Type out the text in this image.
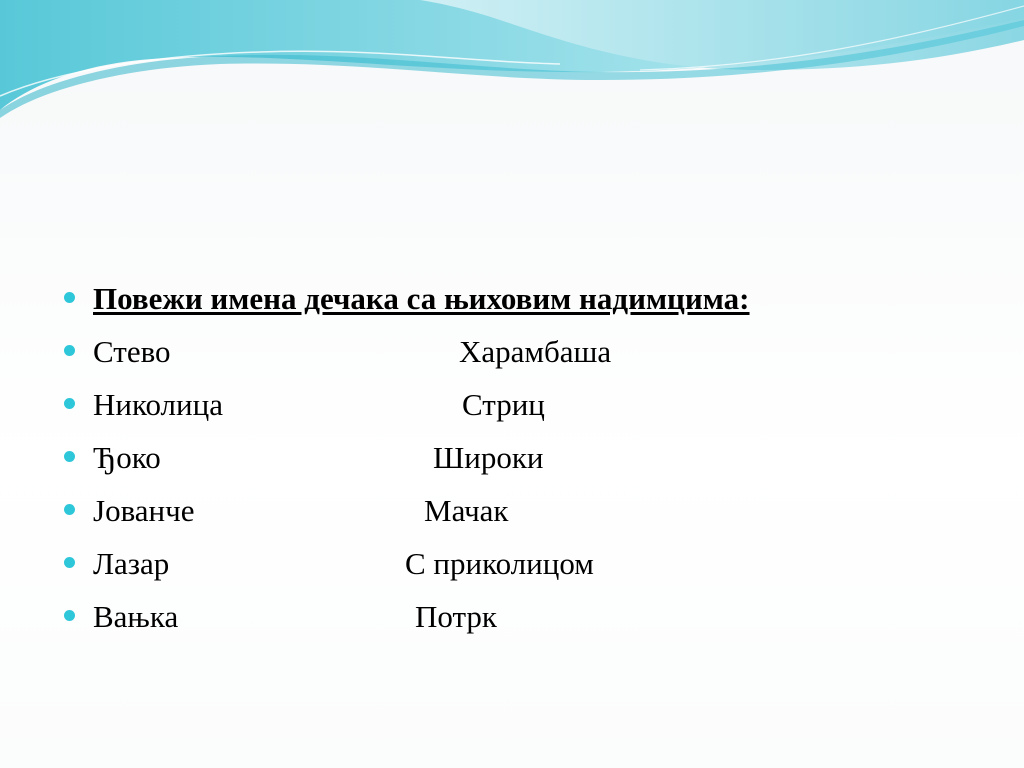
Повежи имена дечака са њиховим надимцима:
Стево	Харамбаша
Николица	Стриц
Ђоко	Широки
Јованче	Мачак
Лазар	С приколицом
Вањка	Потрк
